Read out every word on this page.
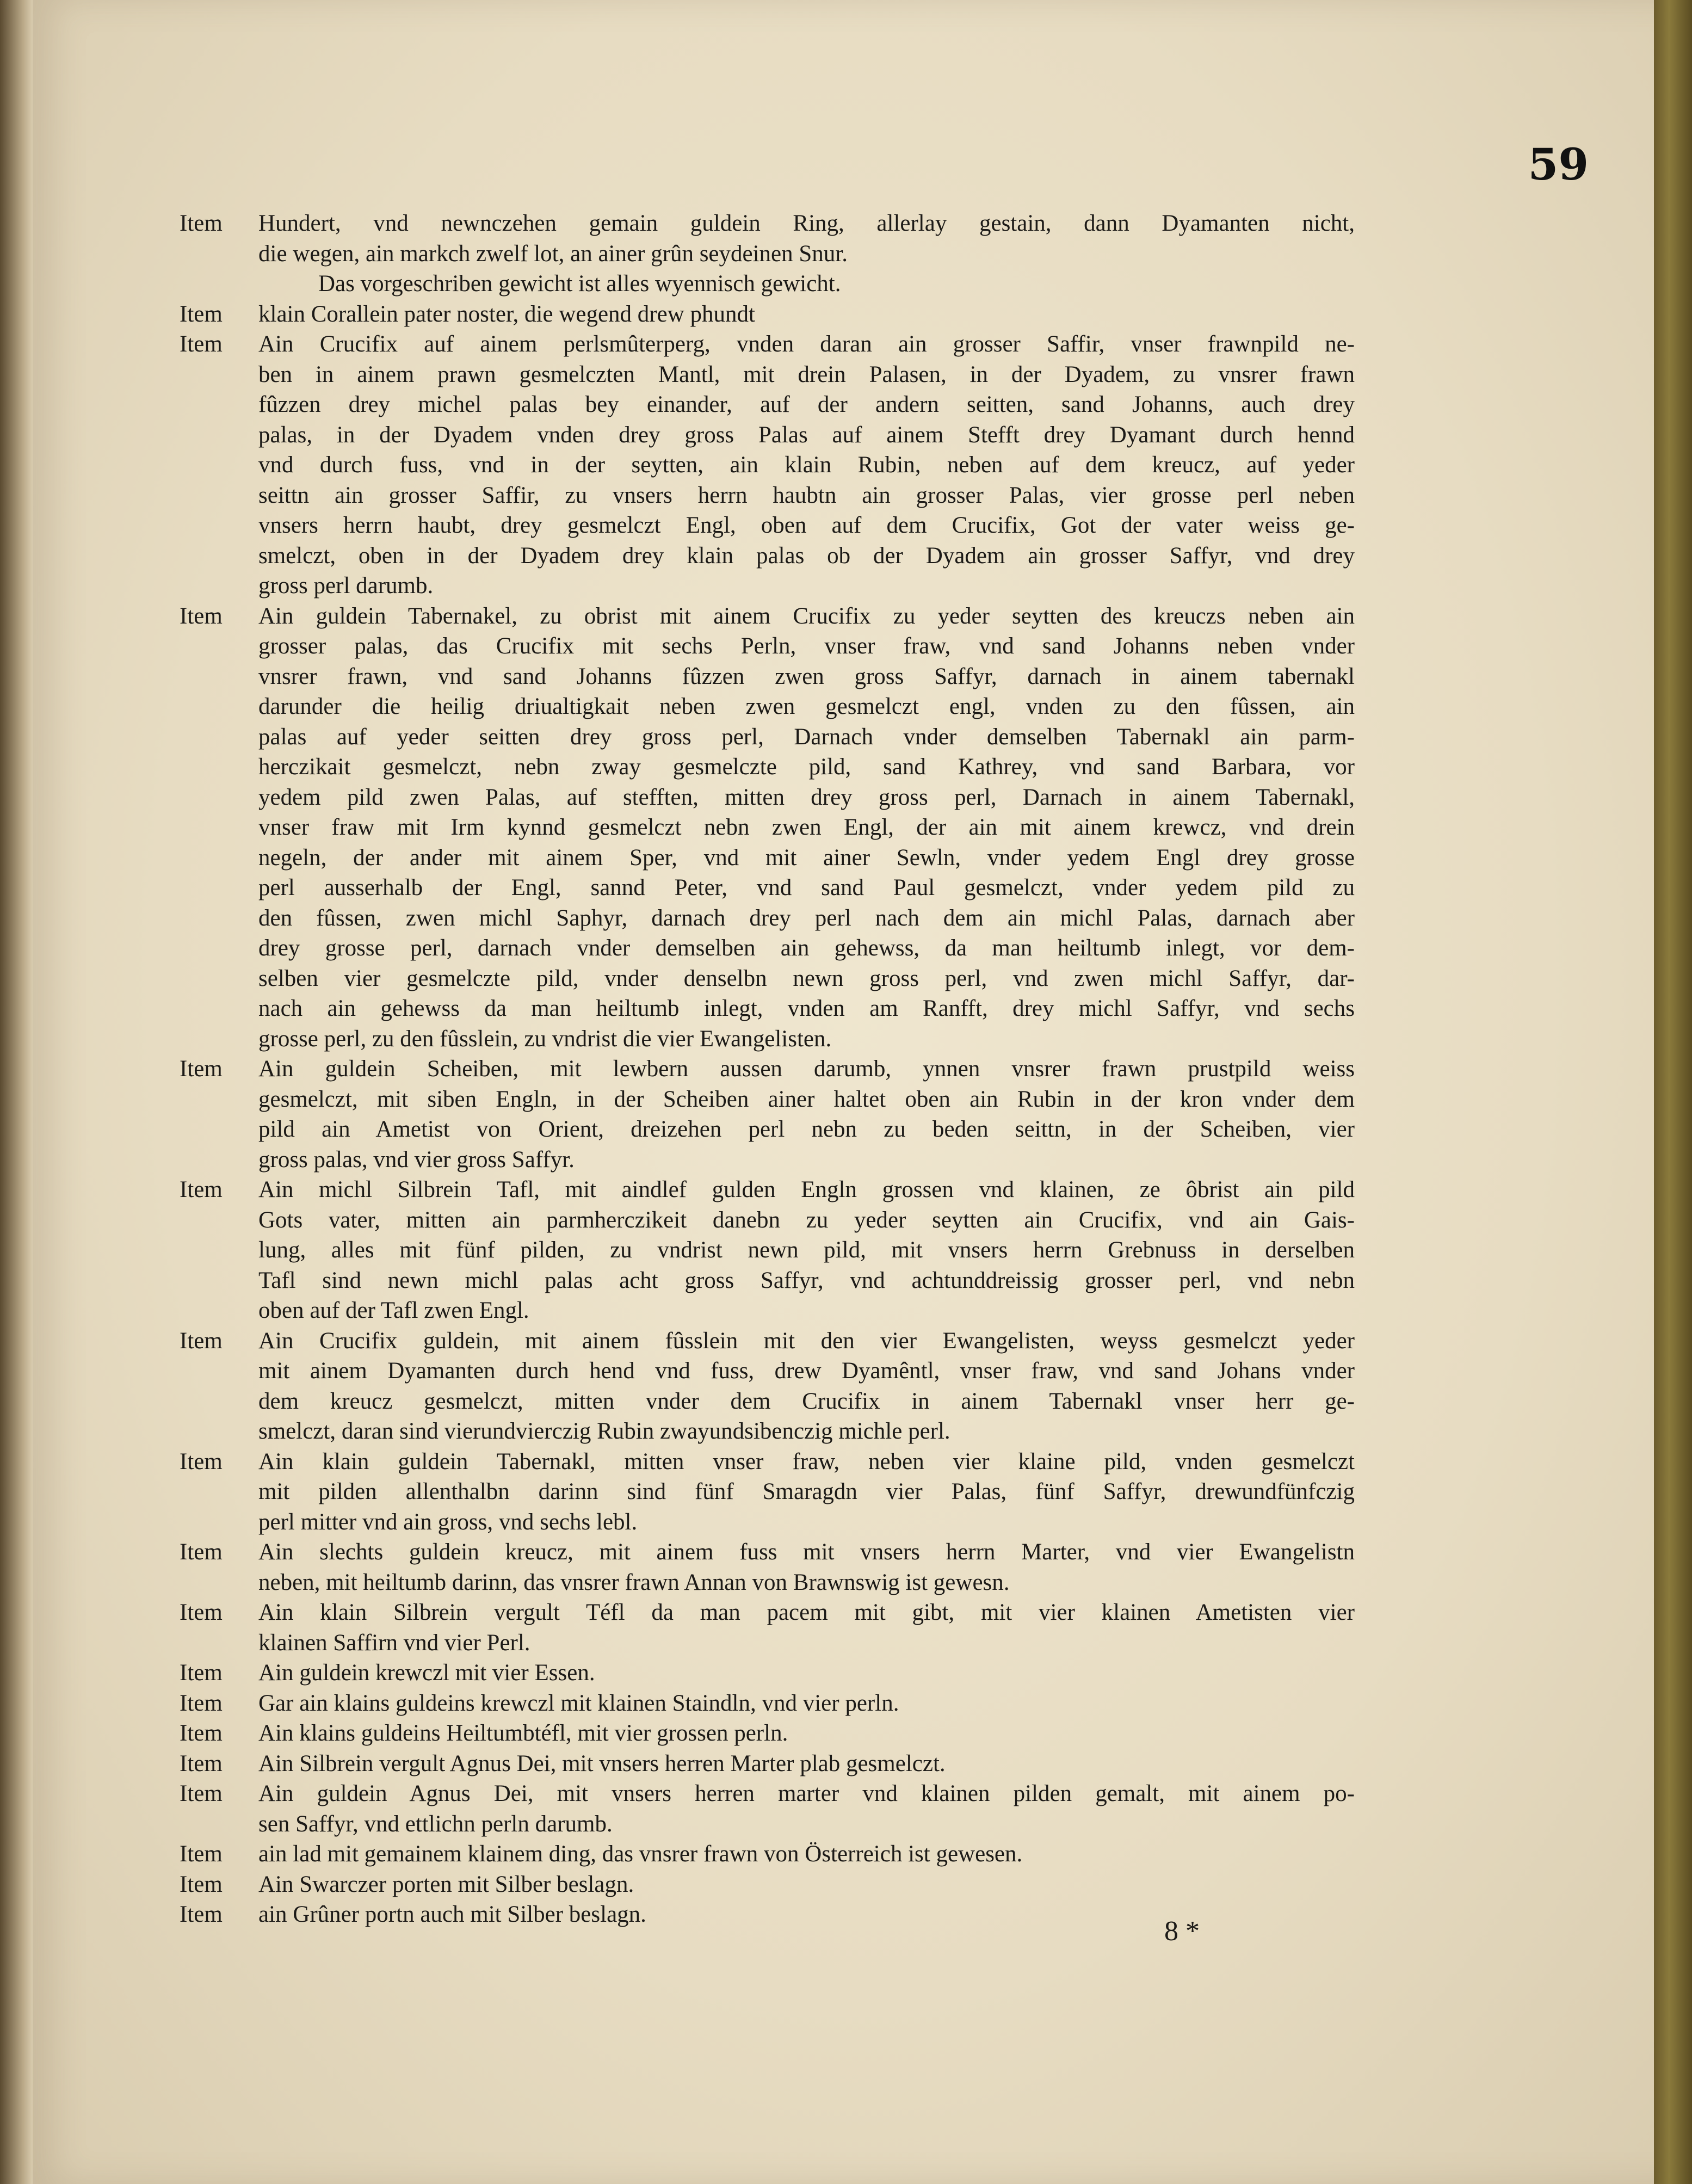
59
Item	Hundert, vnd newnczehen gemain guldein Ring, allerlay gestain, dann Dyamanten nicht,
die wegen, ain markch zwelf lot, an ainer grûn seydeinen Snur.
Das vorgeschriben gewicht ist alles wyennisch gewicht.
Item	klain Corallein pater noster, die wegend drew phundt
Item	Ain Crucifix auf ainem perlsmûterperg, vnden daran ain grosser Saffir, vnser frawnpild ne-
ben in ainem prawn gesmelczten Mantl, mit drein Palasen, in der Dyadem, zu vnsrer frawn
fûzzen drey michel palas bey einander, auf der andern seitten, sand Johanns, auch drey
palas, in der Dyadem vnden drey gross Palas auf ainem Stefft drey Dyamant durch hennd
vnd durch fuss, vnd in der seytten, ain klain Rubin, neben auf dem kreucz, auf yeder
seittn ain grosser Saffir, zu vnsers herrn haubtn ain grosser Palas, vier grosse perl neben
vnsers herrn haubt, drey gesmelczt Engl, oben auf dem Crucifix, Got der vater weiss ge-
smelczt, oben in der Dyadem drey klain palas ob der Dyadem ain grosser Saffyr, vnd drey
gross perl darumb.
Item	Ain guldein Tabernakel, zu obrist mit ainem Crucifix zu yeder seytten des kreuczs neben ain
grosser palas, das Crucifix mit sechs Perln, vnser fraw, vnd sand Johanns neben vnder
vnsrer frawn, vnd sand Johanns fûzzen zwen gross Saffyr, darnach in ainem tabernakl
darunder die heilig driualtigkait neben zwen gesmelczt engl, vnden zu den fûssen, ain
palas auf yeder seitten drey gross perl, Darnach vnder demselben Tabernakl ain parm-
herczikait gesmelczt, nebn zway gesmelczte pild, sand Kathrey, vnd sand Barbara, vor
yedem pild zwen Palas, auf stefften, mitten drey gross perl, Darnach in ainem Tabernakl,
vnser fraw mit Irm kynnd gesmelczt nebn zwen Engl, der ain mit ainem krewcz, vnd drein
negeln, der ander mit ainem Sper, vnd mit ainer Sewln, vnder yedem Engl drey grosse
perl ausserhalb der Engl, sannd Peter, vnd sand Paul gesmelczt, vnder yedem pild zu
den fûssen, zwen michl Saphyr, darnach drey perl nach dem ain michl Palas, darnach aber
drey grosse perl, darnach vnder demselben ain gehewss, da man heiltumb inlegt, vor dem-
selben vier gesmelczte pild, vnder denselbn newn gross perl, vnd zwen michl Saffyr, dar-
nach ain gehewss da man heiltumb inlegt, vnden am Ranfft, drey michl Saffyr, vnd sechs
grosse perl, zu den fûsslein, zu vndrist die vier Ewangelisten.
Item	Ain guldein Scheiben, mit lewbern aussen darumb, ynnen vnsrer frawn prustpild weiss
gesmelczt, mit siben Engln, in der Scheiben ainer haltet oben ain Rubin in der kron vnder dem
pild ain Ametist von Orient, dreizehen perl nebn zu beden seittn, in der Scheiben, vier
gross palas, vnd vier gross Saffyr.
Item	Ain michl Silbrein Tafl, mit aindlef gulden Engln grossen vnd klainen, ze ôbrist ain pild
Gots vater, mitten ain parmherczikeit danebn zu yeder seytten ain Crucifix, vnd ain Gais-
lung, alles mit fünf pilden, zu vndrist newn pild, mit vnsers herrn Grebnuss in derselben
Tafl sind newn michl palas acht gross Saffyr, vnd achtunddreissig grosser perl, vnd nebn
oben auf der Tafl zwen Engl.
Item	Ain Crucifix guldein, mit ainem fûsslein mit den vier Ewangelisten, weyss gesmelczt yeder
mit ainem Dyamanten durch hend vnd fuss, drew Dyamêntl, vnser fraw, vnd sand Johans vnder
dem kreucz gesmelczt, mitten vnder dem Crucifix in ainem Tabernakl vnser herr ge-
smelczt, daran sind vierundvierczig Rubin zwayundsibenczig michle perl.
Item	Ain klain guldein Tabernakl, mitten vnser fraw, neben vier klaine pild, vnden gesmelczt
mit pilden allenthalbn darinn sind fünf Smaragdn vier Palas, fünf Saffyr, drewundfünfczig
perl mitter vnd ain gross, vnd sechs lebl.
Item	Ain slechts guldein kreucz, mit ainem fuss mit vnsers herrn Marter, vnd vier Ewangelistn
neben, mit heiltumb darinn, das vnsrer frawn Annan von Brawnswig ist gewesn.
Item	Ain klain Silbrein vergult Téfl da man pacem mit gibt, mit vier klainen Ametisten vier
klainen Saffirn vnd vier Perl.
Item	Ain guldein krewczl mit vier Essen.
Item	Gar ain klains guldeins krewczl mit klainen Staindln, vnd vier perln.
Item	Ain klains guldeins Heiltumbtéfl, mit vier grossen perln.
Item	Ain Silbrein vergult Agnus Dei, mit vnsers herren Marter plab gesmelczt.
Item	Ain guldein Agnus Dei, mit vnsers herren marter vnd klainen pilden gemalt, mit ainem po-
sen Saffyr, vnd ettlichn perln darumb.
Item	ain lad mit gemainem klainem ding, das vnsrer frawn von Österreich ist gewesen.
Item	Ain Swarczer porten mit Silber beslagn.
Item	ain Grûner portn auch mit Silber beslagn.
8 *
